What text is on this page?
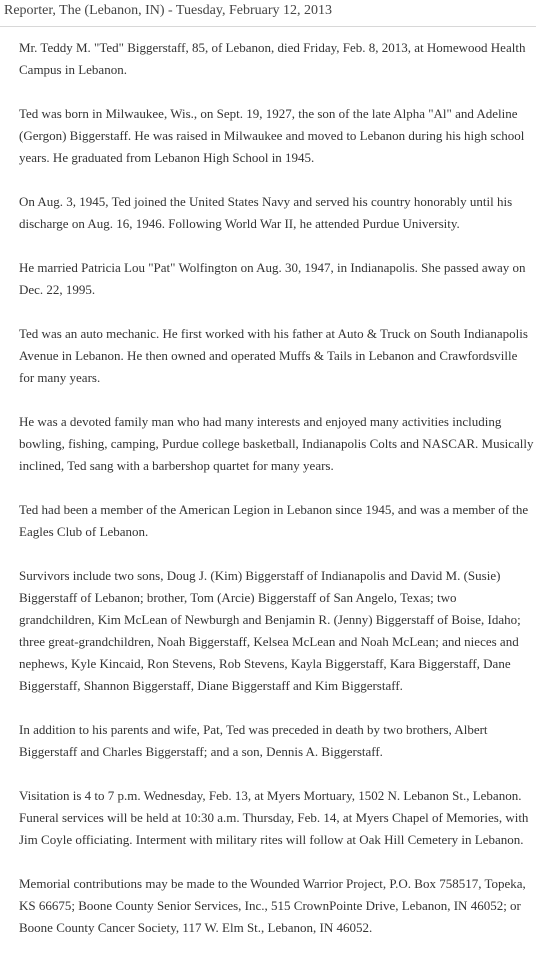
Reporter, The (Lebanon, IN) - Tuesday, February 12, 2013

Mr. Teddy M. "Ted" Biggerstaff, 85, of Lebanon, died Friday, Feb. 8, 2013, at Homewood Health Campus in Lebanon.

Ted was born in Milwaukee, Wis., on Sept. 19, 1927, the son of the late Alpha "Al" and Adeline (Gergon) Biggerstaff. He was raised in Milwaukee and moved to Lebanon during his high school years. He graduated from Lebanon High School in 1945.

On Aug. 3, 1945, Ted joined the United States Navy and served his country honorably until his discharge on Aug. 16, 1946. Following World War II, he attended Purdue University.

He married Patricia Lou "Pat" Wolfington on Aug. 30, 1947, in Indianapolis. She passed away on Dec. 22, 1995.

Ted was an auto mechanic. He first worked with his father at Auto & Truck on South Indianapolis Avenue in Lebanon. He then owned and operated Muffs & Tails in Lebanon and Crawfordsville for many years.

He was a devoted family man who had many interests and enjoyed many activities including bowling, fishing, camping, Purdue college basketball, Indianapolis Colts and NASCAR. Musically inclined, Ted sang with a barbershop quartet for many years.

Ted had been a member of the American Legion in Lebanon since 1945, and was a member of the Eagles Club of Lebanon.

Survivors include two sons, Doug J. (Kim) Biggerstaff of Indianapolis and David M. (Susie) Biggerstaff of Lebanon; brother, Tom (Arcie) Biggerstaff of San Angelo, Texas; two grandchildren, Kim McLean of Newburgh and Benjamin R. (Jenny) Biggerstaff of Boise, Idaho; three great-grandchildren, Noah Biggerstaff, Kelsea McLean and Noah McLean; and nieces and nephews, Kyle Kincaid, Ron Stevens, Rob Stevens, Kayla Biggerstaff, Kara Biggerstaff, Dane Biggerstaff, Shannon Biggerstaff, Diane Biggerstaff and Kim Biggerstaff.

In addition to his parents and wife, Pat, Ted was preceded in death by two brothers, Albert Biggerstaff and Charles Biggerstaff; and a son, Dennis A. Biggerstaff.

Visitation is 4 to 7 p.m. Wednesday, Feb. 13, at Myers Mortuary, 1502 N. Lebanon St., Lebanon. Funeral services will be held at 10:30 a.m. Thursday, Feb. 14, at Myers Chapel of Memories, with Jim Coyle officiating. Interment with military rites will follow at Oak Hill Cemetery in Lebanon.

Memorial contributions may be made to the Wounded Warrior Project, P.O. Box 758517, Topeka, KS 66675; Boone County Senior Services, Inc., 515 CrownPointe Drive, Lebanon, IN 46052; or Boone County Cancer Society, 117 W. Elm St., Lebanon, IN 46052.
